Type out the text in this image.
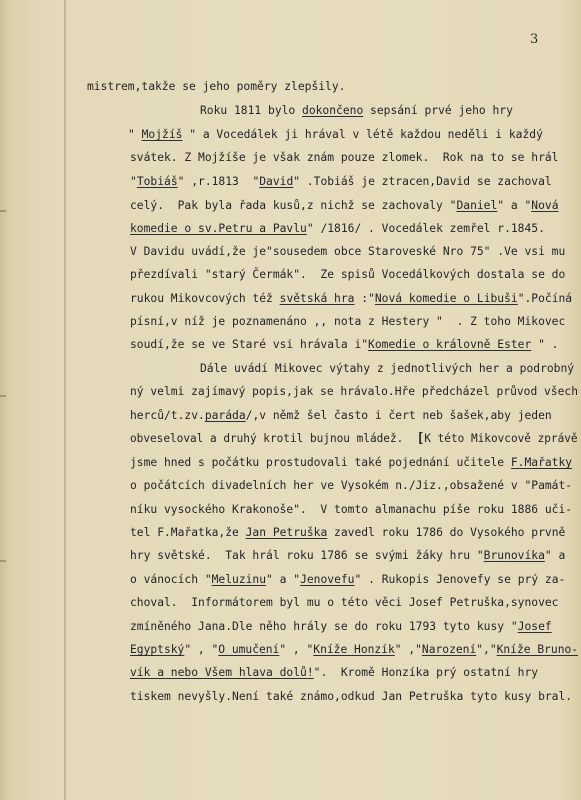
3
mistrem,takže se jeho poměry zlepšily.
Roku 1811 bylo dokončeno sepsání prvé jeho hry
" Mojžíš " a Vocedálek ji hrával v létě každou neděli i každý
svátek. Z Mojžíše je však znám pouze zlomek.  Rok na to se hrál
"Tobiáš" ,r.1813  "David" .Tobiáš je ztracen,David se zachoval
celý.  Pak byla řada kusů,z nichž se zachovaly "Daniel" a "Nová
komedie o sv.Petru a Pavlu" /1816/ . Vocedálek zemřel r.1845.
V Davidu uvádí,že je"sousedem obce Staroveské Nro 75" .Ve vsi mu
přezdívali "starý Čermák".  Ze spisů Vocedálkových dostala se do
rukou Mikovcových též světská hra :"Nová komedie o Libuši".Počíná
písní,v níž je poznamenáno ,, nota z Hestery "  . Z toho Mikovec
soudí,že se ve Staré vsi hrávala i"Komedie o královně Ester " .
Dále uvádí Mikovec výtahy z jednotlivých her a podrobný
ný velmi zajímavý popis,jak se hrávalo.Hře předcházel průvod všech
herců/t.zv.paráda/,v němž šel často i čert neb šašek,aby jeden
obveseloval a druhý krotil bujnou mládež.  [K této Mikovcově zprávě
jsme hned s počátku prostudovali také pojednání učitele F.Mařatky
o počátcích divadelních her ve Vysokém n./Jiz.,obsažené v "Památ-
níku vysockého Krakonoše".  V tomto almanachu píše roku 1886 uči-
tel F.Mařatka,že Jan Petruška zavedl roku 1786 do Vysokého prvně
hry světské.  Tak hrál roku 1786 se svými žáky hru "Brunovíka" a
o vánocích "Meluzinu" a "Jenovefu" . Rukopis Jenovefy se prý za-
choval.  Informátorem byl mu o této věci Josef Petruška,synovec
zmíněného Jana.Dle něho hrály se do roku 1793 tyto kusy "Josef
Egyptský" , "O umučení" , "Kníže Honzík" ,"Narození","Kníže Bruno-
vík a nebo Všem hlava dolů!".  Kromě Honzíka prý ostatní hry
tiskem nevyšly.Není také známo,odkud Jan Petruška tyto kusy bral.
